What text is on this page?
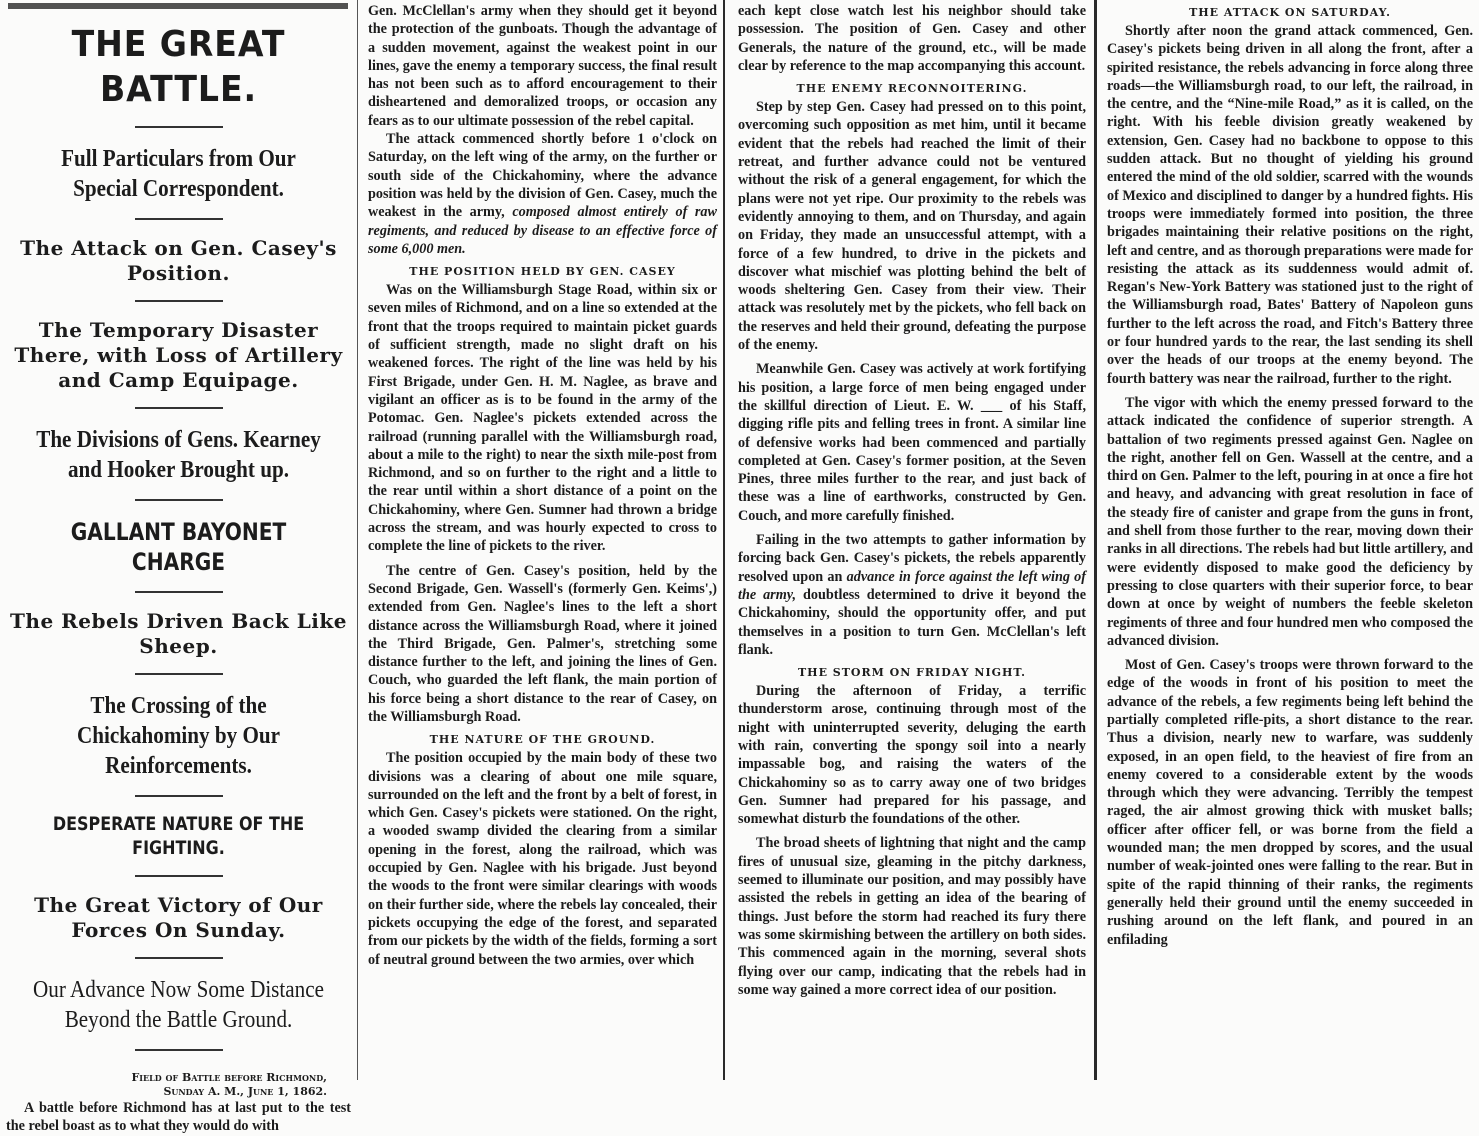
THE GREAT BATTLE.
Full Particulars from Our Special Correspondent.
The Attack on Gen. Casey's Position.
The Temporary Disaster There, with Loss of Artillery and Camp Equipage.
The Divisions of Gens. Kearney and Hooker Brought up.
GALLANT BAYONET CHARGE
The Rebels Driven Back Like Sheep.
The Crossing of the Chickahominy by Our Reinforcements.
DESPERATE NATURE OF THE FIGHTING.
The Great Victory of Our Forces On Sunday.
Our Advance Now Some Distance Beyond the Battle Ground.
Field of Battle before Richmond,
Sunday A. M., June 1, 1862.

A battle before Richmond has at last put to the test the rebel boast as to what they would do with

Gen. McClellan's army when they should get it beyond the protection of the gunboats. Though the advantage of a sudden movement, against the weakest point in our lines, gave the enemy a temporary success, the final result has not been such as to afford encouragement to their disheartened and demoralized troops, or occasion any fears as to our ultimate possession of the rebel capital.

The attack commenced shortly before 1 o'clock on Saturday, on the left wing of the army, on the further or south side of the Chickahominy, where the advance position was held by the division of Gen. Casey, much the weakest in the army, composed almost entirely of raw regiments, and reduced by disease to an effective force of some 6,000 men.

THE POSITION HELD BY GEN. CASEY

Was on the Williamsburgh Stage Road, within six or seven miles of Richmond, and on a line so extended at the front that the troops required to maintain picket guards of sufficient strength, made no slight draft on his weakened forces. The right of the line was held by his First Brigade, under Gen. H. M. Naglee, as brave and vigilant an officer as is to be found in the army of the Potomac. Gen. Naglee's pickets extended across the railroad (running parallel with the Williamsburgh road, about a mile to the right) to near the sixth mile-post from Richmond, and so on further to the right and a little to the rear until within a short distance of a point on the Chickahominy, where Gen. Sumner had thrown a bridge across the stream, and was hourly expected to cross to complete the line of pickets to the river.

The centre of Gen. Casey's position, held by the Second Brigade, Gen. Wassell's (formerly Gen. Keims',) extended from Gen. Naglee's lines to the left a short distance across the Williamsburgh Road, where it joined the Third Brigade, Gen. Palmer's, stretching some distance further to the left, and joining the lines of Gen. Couch, who guarded the left flank, the main portion of his force being a short distance to the rear of Casey, on the Williamsburgh Road.

THE NATURE OF THE GROUND.

The position occupied by the main body of these two divisions was a clearing of about one mile square, surrounded on the left and the front by a belt of forest, in which Gen. Casey's pickets were stationed. On the right, a wooded swamp divided the clearing from a similar opening in the forest, along the railroad, which was occupied by Gen. Naglee with his brigade. Just beyond the woods to the front were similar clearings with woods on their further side, where the rebels lay concealed, their pickets occupying the edge of the forest, and separated from our pickets by the width of the fields, forming a sort of neutral ground between the two armies, over which

each kept close watch lest his neighbor should take possession. The position of Gen. Casey and other Generals, the nature of the ground, etc., will be made clear by reference to the map accompanying this account.

THE ENEMY RECONNOITERING.

Step by step Gen. Casey had pressed on to this point, overcoming such opposition as met him, until it became evident that the rebels had reached the limit of their retreat, and further advance could not be ventured without the risk of a general engagement, for which the plans were not yet ripe. Our proximity to the rebels was evidently annoying to them, and on Thursday, and again on Friday, they made an unsuccessful attempt, with a force of a few hundred, to drive in the pickets and discover what mischief was plotting behind the belt of woods sheltering Gen. Casey from their view. Their attack was resolutely met by the pickets, who fell back on the reserves and held their ground, defeating the purpose of the enemy.

Meanwhile Gen. Casey was actively at work fortifying his position, a large force of men being engaged under the skillful direction of Lieut. E. W. ___ of his Staff, digging rifle pits and felling trees in front. A similar line of defensive works had been commenced and partially completed at Gen. Casey's former position, at the Seven Pines, three miles further to the rear, and just back of these was a line of earthworks, constructed by Gen. Couch, and more carefully finished.

Failing in the two attempts to gather information by forcing back Gen. Casey's pickets, the rebels apparently resolved upon an advance in force against the left wing of the army, doubtless determined to drive it beyond the Chickahominy, should the opportunity offer, and put themselves in a position to turn Gen. McClellan's left flank.

THE STORM ON FRIDAY NIGHT.

During the afternoon of Friday, a terrific thunderstorm arose, continuing through most of the night with uninterrupted severity, deluging the earth with rain, converting the spongy soil into a nearly impassable bog, and raising the waters of the Chickahominy so as to carry away one of two bridges Gen. Sumner had prepared for his passage, and somewhat disturb the foundations of the other.

The broad sheets of lightning that night and the camp fires of unusual size, gleaming in the pitchy darkness, seemed to illuminate our position, and may possibly have assisted the rebels in getting an idea of the bearing of things. Just before the storm had reached its fury there was some skirmishing between the artillery on both sides. This commenced again in the morning, several shots flying over our camp, indicating that the rebels had in some way gained a more correct idea of our position.

THE ATTACK ON SATURDAY.

Shortly after noon the grand attack commenced, Gen. Casey's pickets being driven in all along the front, after a spirited resistance, the rebels advancing in force along three roads—the Williamsburgh road, to our left, the railroad, in the centre, and the “Nine-mile Road,” as it is called, on the right. With his feeble division greatly weakened by extension, Gen. Casey had no backbone to oppose to this sudden attack. But no thought of yielding his ground entered the mind of the old soldier, scarred with the wounds of Mexico and disciplined to danger by a hundred fights. His troops were immediately formed into position, the three brigades maintaining their relative positions on the right, left and centre, and as thorough preparations were made for resisting the attack as its suddenness would admit of. Regan's New-York Battery was stationed just to the right of the Williamsburgh road, Bates' Battery of Napoleon guns further to the left across the road, and Fitch's Battery three or four hundred yards to the rear, the last sending its shell over the heads of our troops at the enemy beyond. The fourth battery was near the railroad, further to the right.

The vigor with which the enemy pressed forward to the attack indicated the confidence of superior strength. A battalion of two regiments pressed against Gen. Naglee on the right, another fell on Gen. Wassell at the centre, and a third on Gen. Palmer to the left, pouring in at once a fire hot and heavy, and advancing with great resolution in face of the steady fire of canister and grape from the guns in front, and shell from those further to the rear, moving down their ranks in all directions. The rebels had but little artillery, and were evidently disposed to make good the deficiency by pressing to close quarters with their superior force, to bear down at once by weight of numbers the feeble skeleton regiments of three and four hundred men who composed the advanced division.

Most of Gen. Casey's troops were thrown forward to the edge of the woods in front of his position to meet the advance of the rebels, a few regiments being left behind the partially completed rifle-pits, a short distance to the rear. Thus a division, nearly new to warfare, was suddenly exposed, in an open field, to the heaviest of fire from an enemy covered to a considerable extent by the woods through which they were advancing. Terribly the tempest raged, the air almost growing thick with musket balls; officer after officer fell, or was borne from the field a wounded man; the men dropped by scores, and the usual number of weak-jointed ones were falling to the rear. But in spite of the rapid thinning of their ranks, the regiments generally held their ground until the enemy succeeded in rushing around on the left flank, and poured in an enfilading
